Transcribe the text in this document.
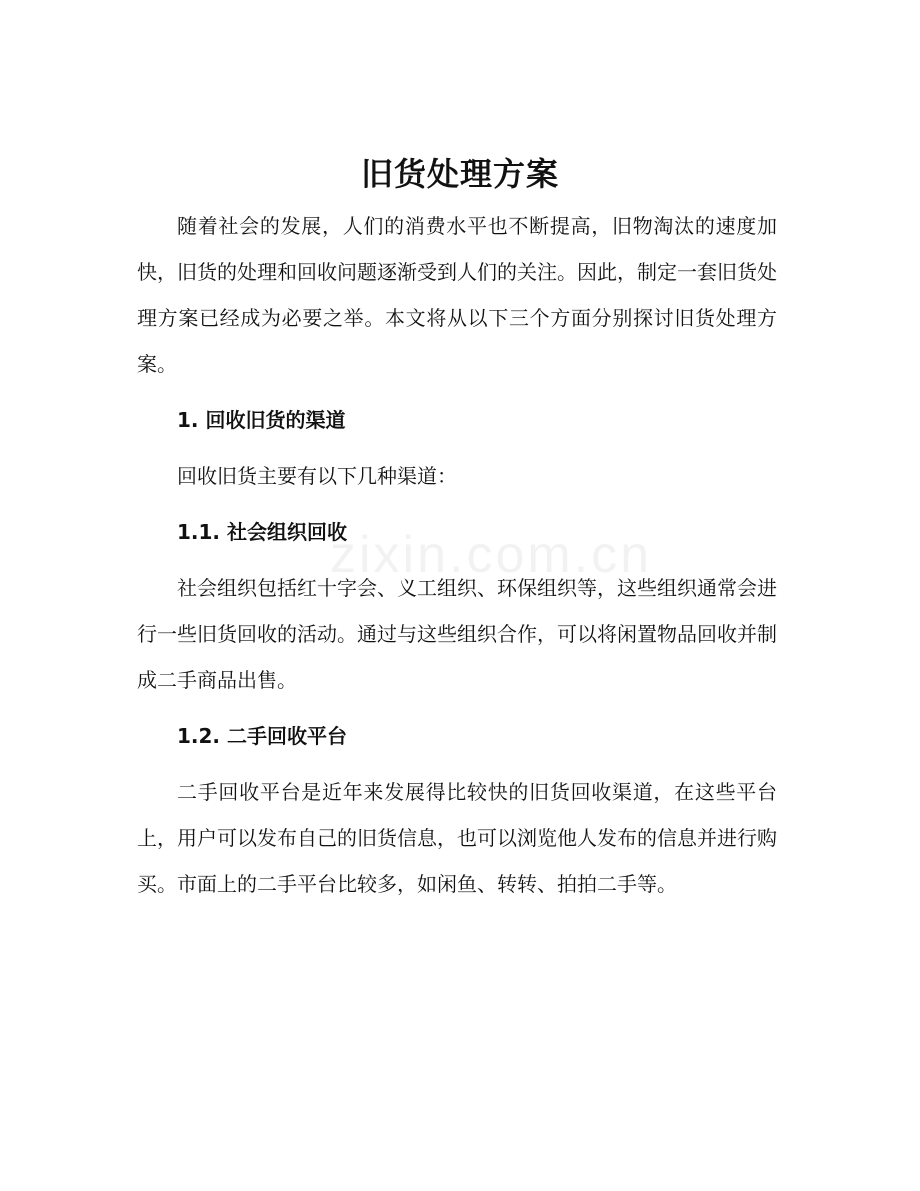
zixin.com.cn
旧货处理方案

随着社会的发展，人们的消费水平也不断提高，旧物淘汰的速度加快，旧货的处理和回收问题逐渐受到人们的关注。因此，制定一套旧货处理方案已经成为必要之举。本文将从以下三个方面分别探讨旧货处理方案。

1. 回收旧货的渠道

回收旧货主要有以下几种渠道：

1.1. 社会组织回收

社会组织包括红十字会、义工组织、环保组织等，这些组织通常会进行一些旧货回收的活动。通过与这些组织合作，可以将闲置物品回收并制成二手商品出售。

1.2. 二手回收平台

二手回收平台是近年来发展得比较快的旧货回收渠道，在这些平台上，用户可以发布自己的旧货信息，也可以浏览他人发布的信息并进行购买。市面上的二手平台比较多，如闲鱼、转转、拍拍二手等。
